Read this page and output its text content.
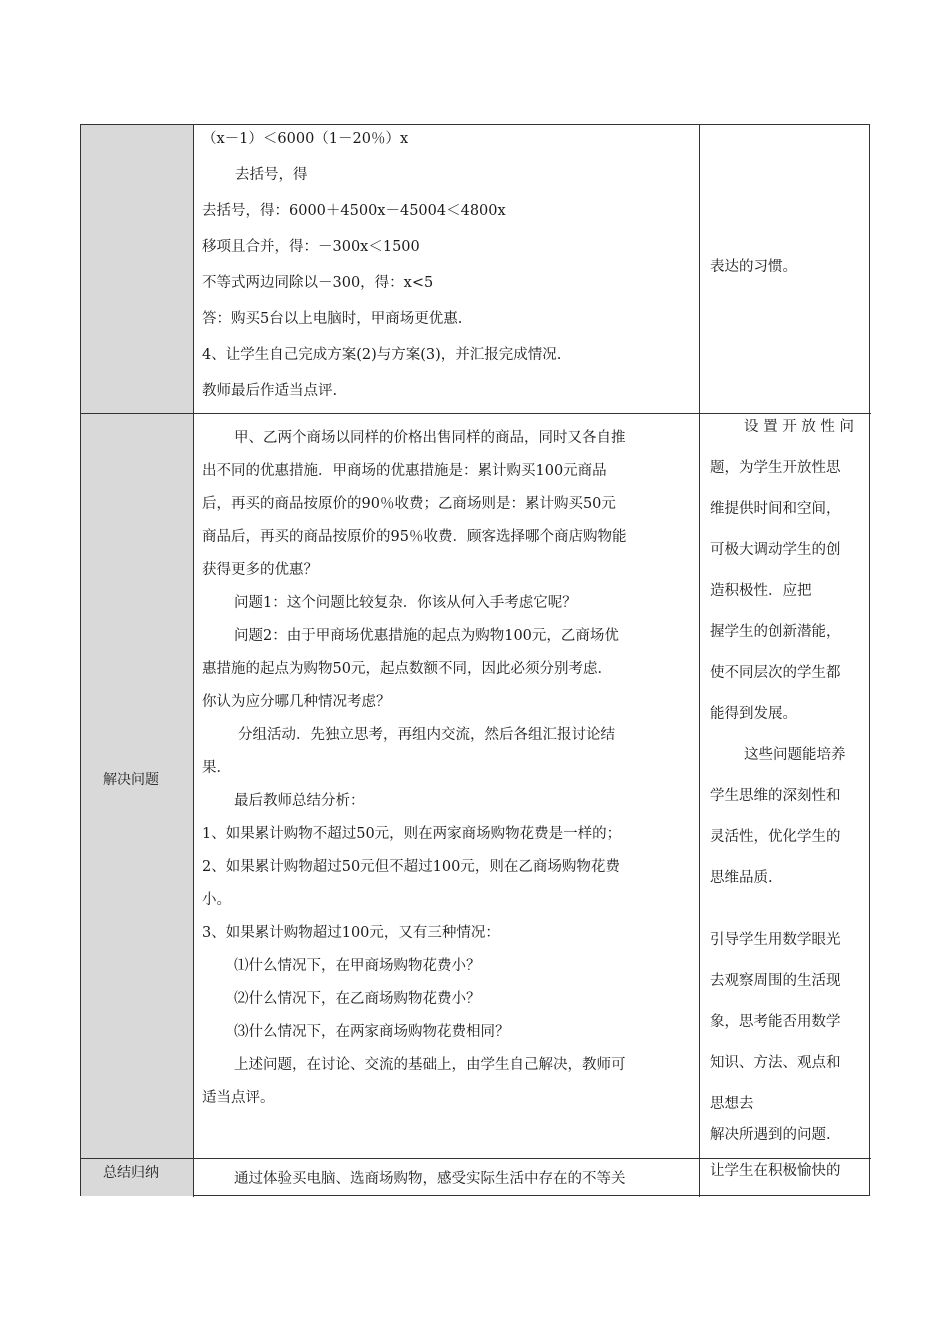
解决问题
总结归纳
（x－1）＜6000（1－20％）x
去括号，得
去括号，得：6000＋4500x－45004＜4800x
移项且合并，得：－300x＜1500
不等式两边同除以－300，得：x<5
答：购买5台以上电脑时，甲商场更优惠.
4、让学生自己完成方案(2)与方案(3)，并汇报完成情况.
教师最后作适当点评.
表达的习惯。
甲、乙两个商场以同样的价格出售同样的商品，同时又各自推
出不同的优惠措施．甲商场的优惠措施是：累计购买100元商品
后，再买的商品按原价的90％收费；乙商场则是：累计购买50元
商品后，再买的商品按原价的95％收费．顾客选择哪个商店购物能
获得更多的优惠？
问题1：这个问题比较复杂．你该从何入手考虑它呢？
问题2：由于甲商场优惠措施的起点为购物100元，乙商场优
惠措施的起点为购物50元，起点数额不同，因此必须分别考虑．
你认为应分哪几种情况考虑？
分组活动．先独立思考，再组内交流，然后各组汇报讨论结
果．
最后教师总结分析：
1、如果累计购物不超过50元，则在两家商场购物花费是一样的；
2、如果累计购物超过50元但不超过100元，则在乙商场购物花费
小。
3、如果累计购物超过100元，又有三种情况：
⑴什么情况下，在甲商场购物花费小？
⑵什么情况下，在乙商场购物花费小？
⑶什么情况下，在两家商场购物花费相同？
上述问题，在讨论、交流的基础上，由学生自己解决，教师可
适当点评。
设 置 开 放 性 问
题，为学生开放性思
维提供时间和空间，
可极大调动学生的创
造积极性．应把
握学生的创新潜能，
使不同层次的学生都
能得到发展。
这些问题能培养
学生思维的深刻性和
灵活性，优化学生的
思维品质.
引导学生用数学眼光
去观察周围的生活现
象，思考能否用数学
知识、方法、观点和
思想去
解决所遇到的问题.
通过体验买电脑、选商场购物，感受实际生活中存在的不等关	让学生在积极愉快的
